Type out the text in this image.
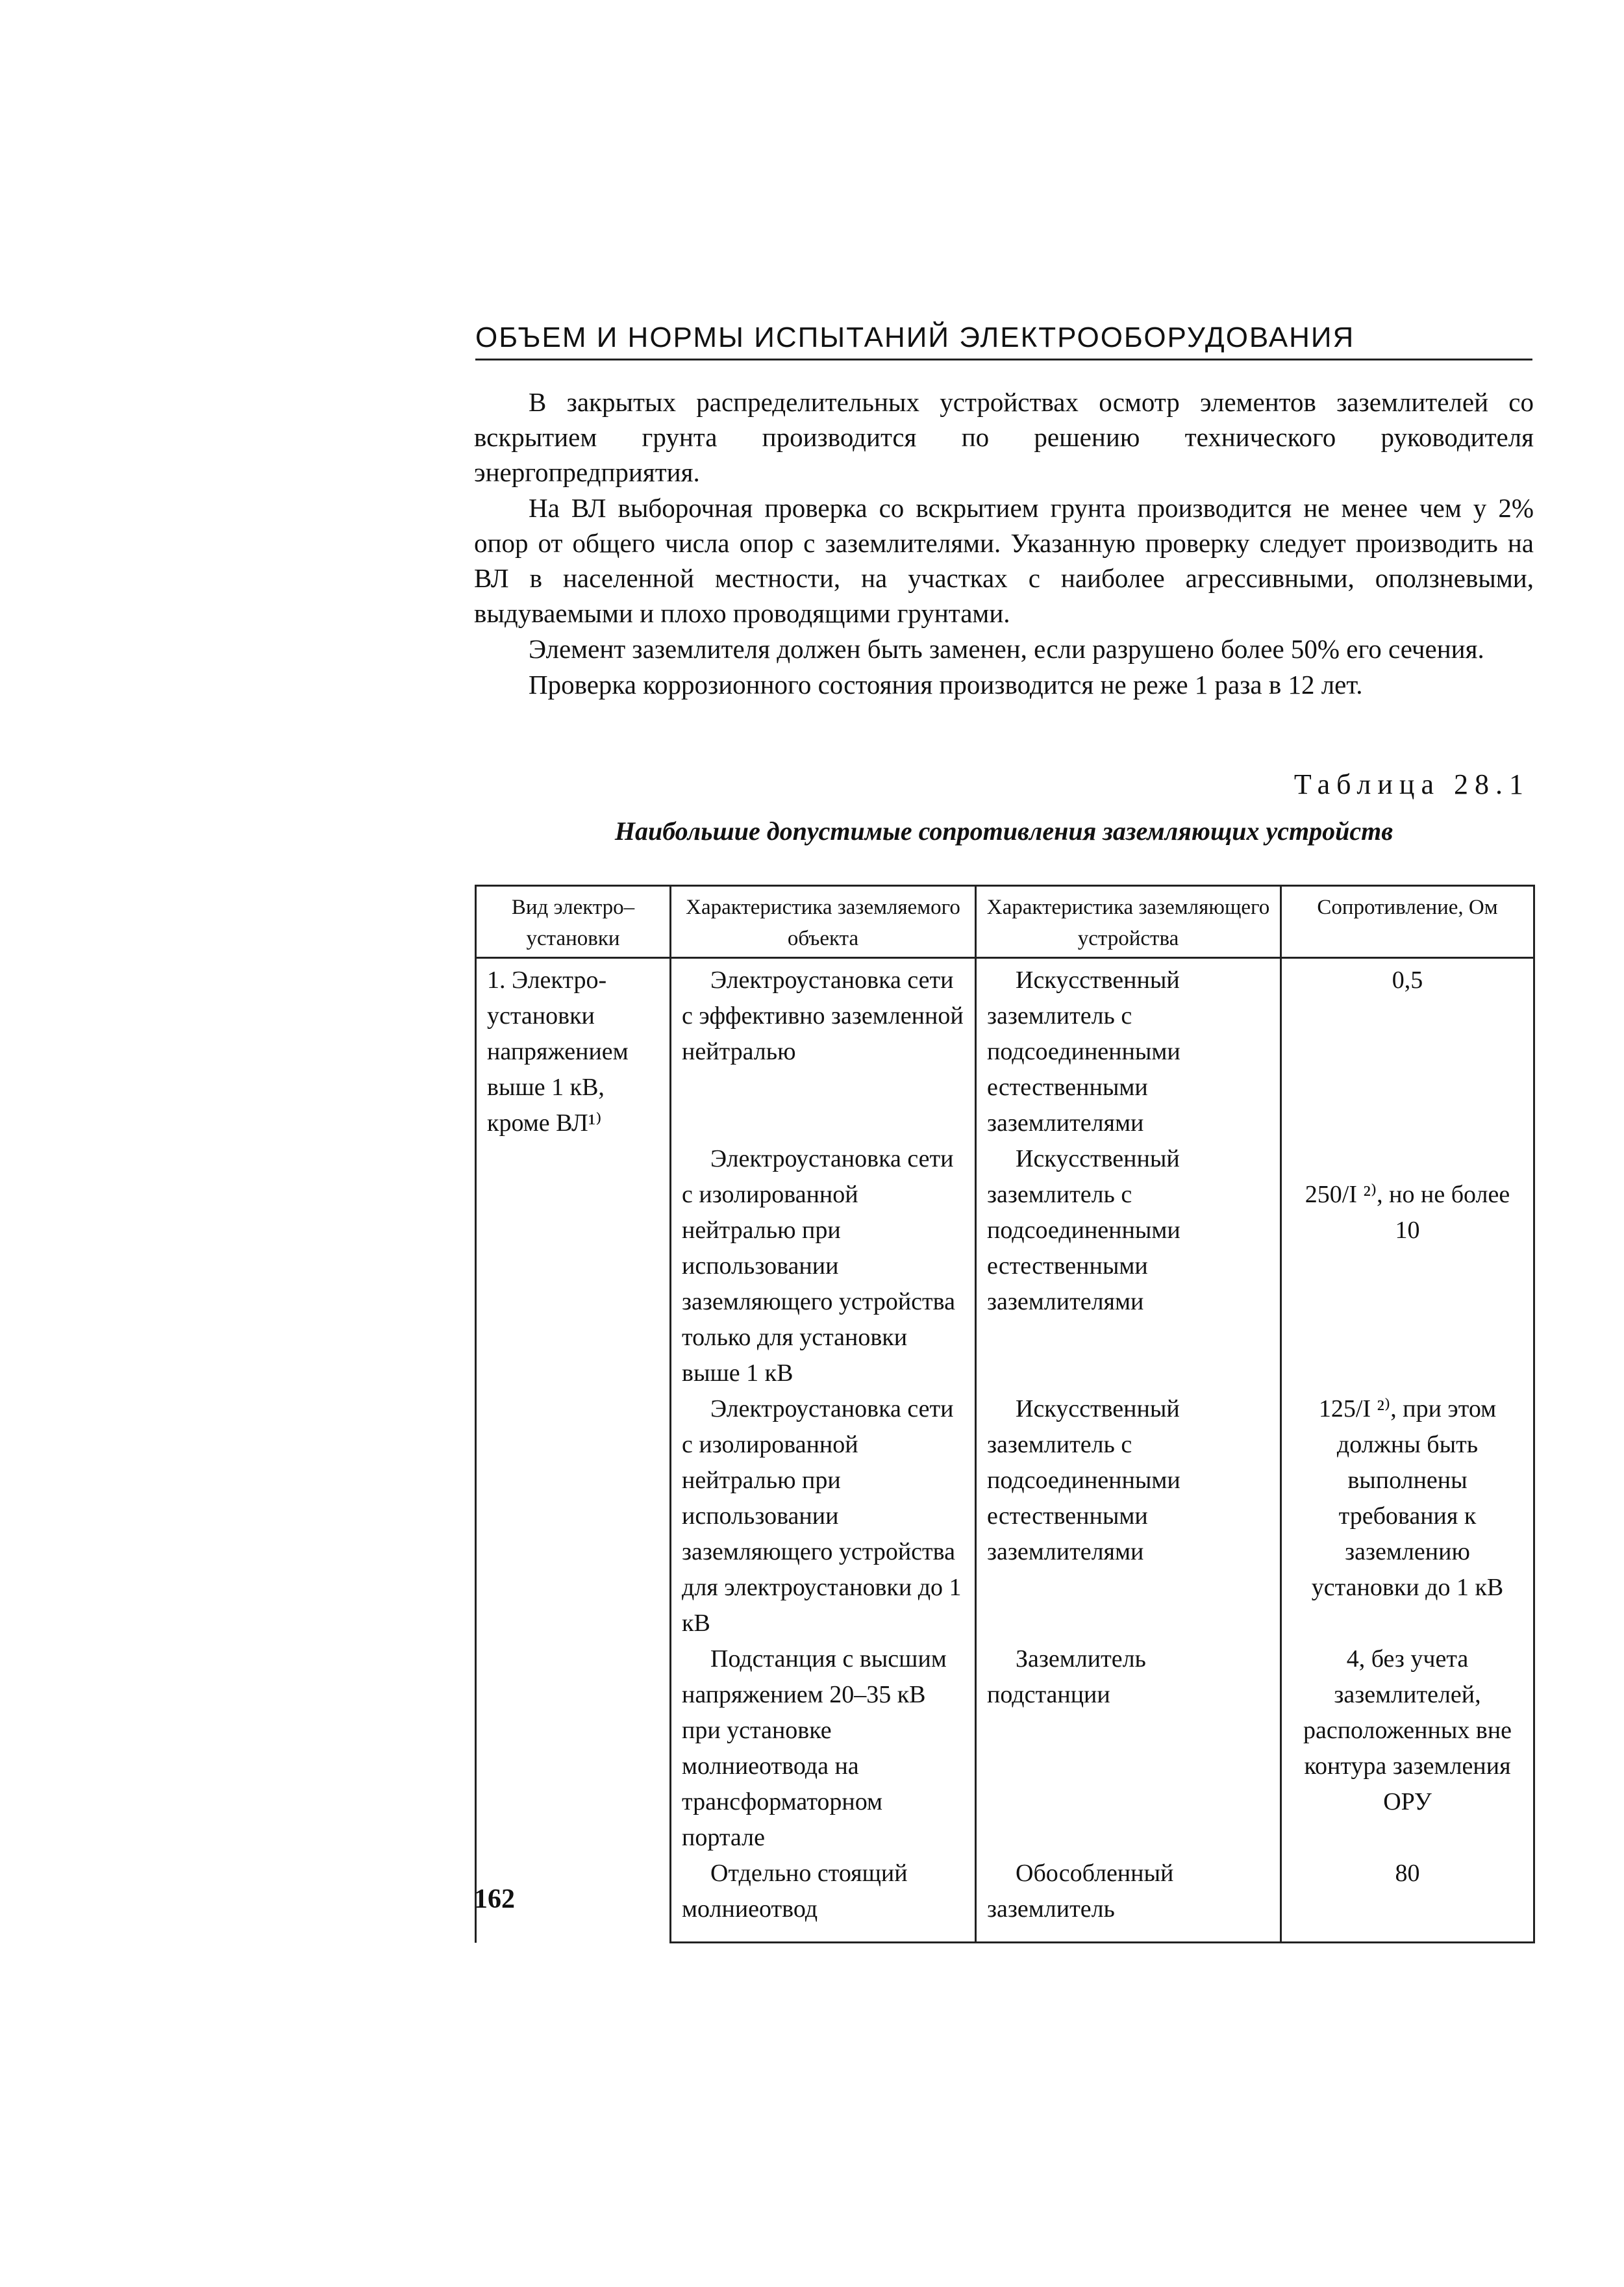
ОБЪЕМ И НОРМЫ ИСПЫТАНИЙ ЭЛЕКТРООБОРУДОВАНИЯ

В закрытых распределительных устройствах осмотр элементов заземлителей со вскрытием грунта производится по решению технического руководителя энергопредприятия.

На ВЛ выборочная проверка со вскрытием грунта производится не менее чем у 2% опор от общего числа опор с заземлителями. Указанную проверку следует производить на ВЛ в населенной местности, на участках с наиболее агрессивными, оползневыми, выдуваемыми и плохо проводящими грунтами.

Элемент заземлителя должен быть заменен, если разрушено более 50% его сечения.

Проверка коррозионного состояния производится не реже 1 раза в 12 лет.

Таблица 28.1
Наибольшие допустимые сопротивления заземляющих устройств
Вид электро–установки	Характеристика заземляемого объекта	Характеристика заземляющего устройства	Сопротивление, Ом
1. Электро-установки напряжением выше 1 кВ, кроме ВЛ¹⁾	Электроустановка сети с эффективно заземленной нейтралью	Искусственный заземлитель с подсоединенными естественными заземлителями	0,5
	Электроустановка сети с изолированной нейтралью при использовании заземляющего устройства только для установки выше 1 кВ	Искусственный заземлитель с подсоединенными естественными заземлителями	250/I ²⁾, но не более 10
	Электроустановка сети с изолированной нейтралью при использовании заземляющего устройства для электроустановки до 1 кВ	Искусственный заземлитель с подсоединенными естественными заземлителями	125/I ²⁾, при этом должны быть выполнены требования к заземлению установки до 1 кВ
	Подстанция с высшим напряжением 20–35 кВ при установке молниеотвода на трансформаторном портале	Заземлитель подстанции	4, без учета заземлителей, расположенных вне контура заземления ОРУ
	Отдельно стоящий молниеотвод	Обособленный заземлитель	80
162
